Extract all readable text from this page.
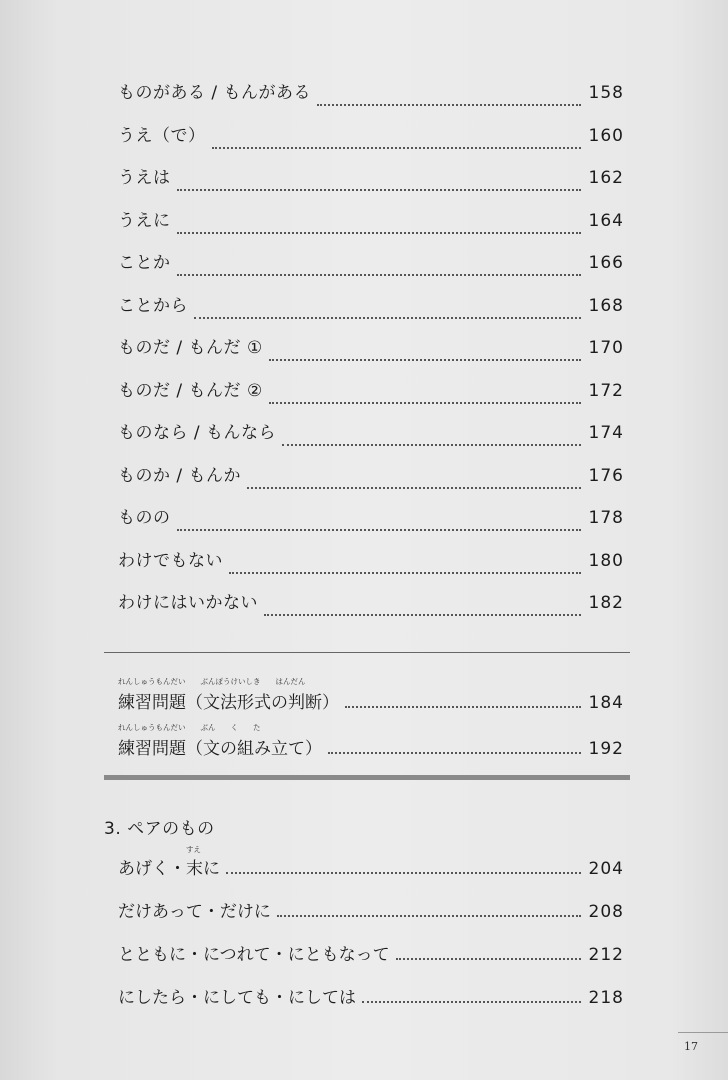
ものがある / もんがある	158
うえ（で）	160
うえは	162
うえに	164
ことか	166
ことから	168
ものだ / もんだ ①	170
ものだ / もんだ ②	172
ものなら / もんなら	174
ものか / もんか	176
ものの	178
わけでもない	180
わけにはいかない	182
れんしゅうもんだい　　ぶんぽうけいしき　　はんだん
練習問題（文法形式の判断）	184
れんしゅうもんだい　　ぶん　　く　　た
練習問題（文の組み立て）	192
3. ペアのもの
すえ
あげく・末に	204
だけあって・だけに	208
とともに・につれて・にともなって	212
にしたら・にしても・にしては	218
17
